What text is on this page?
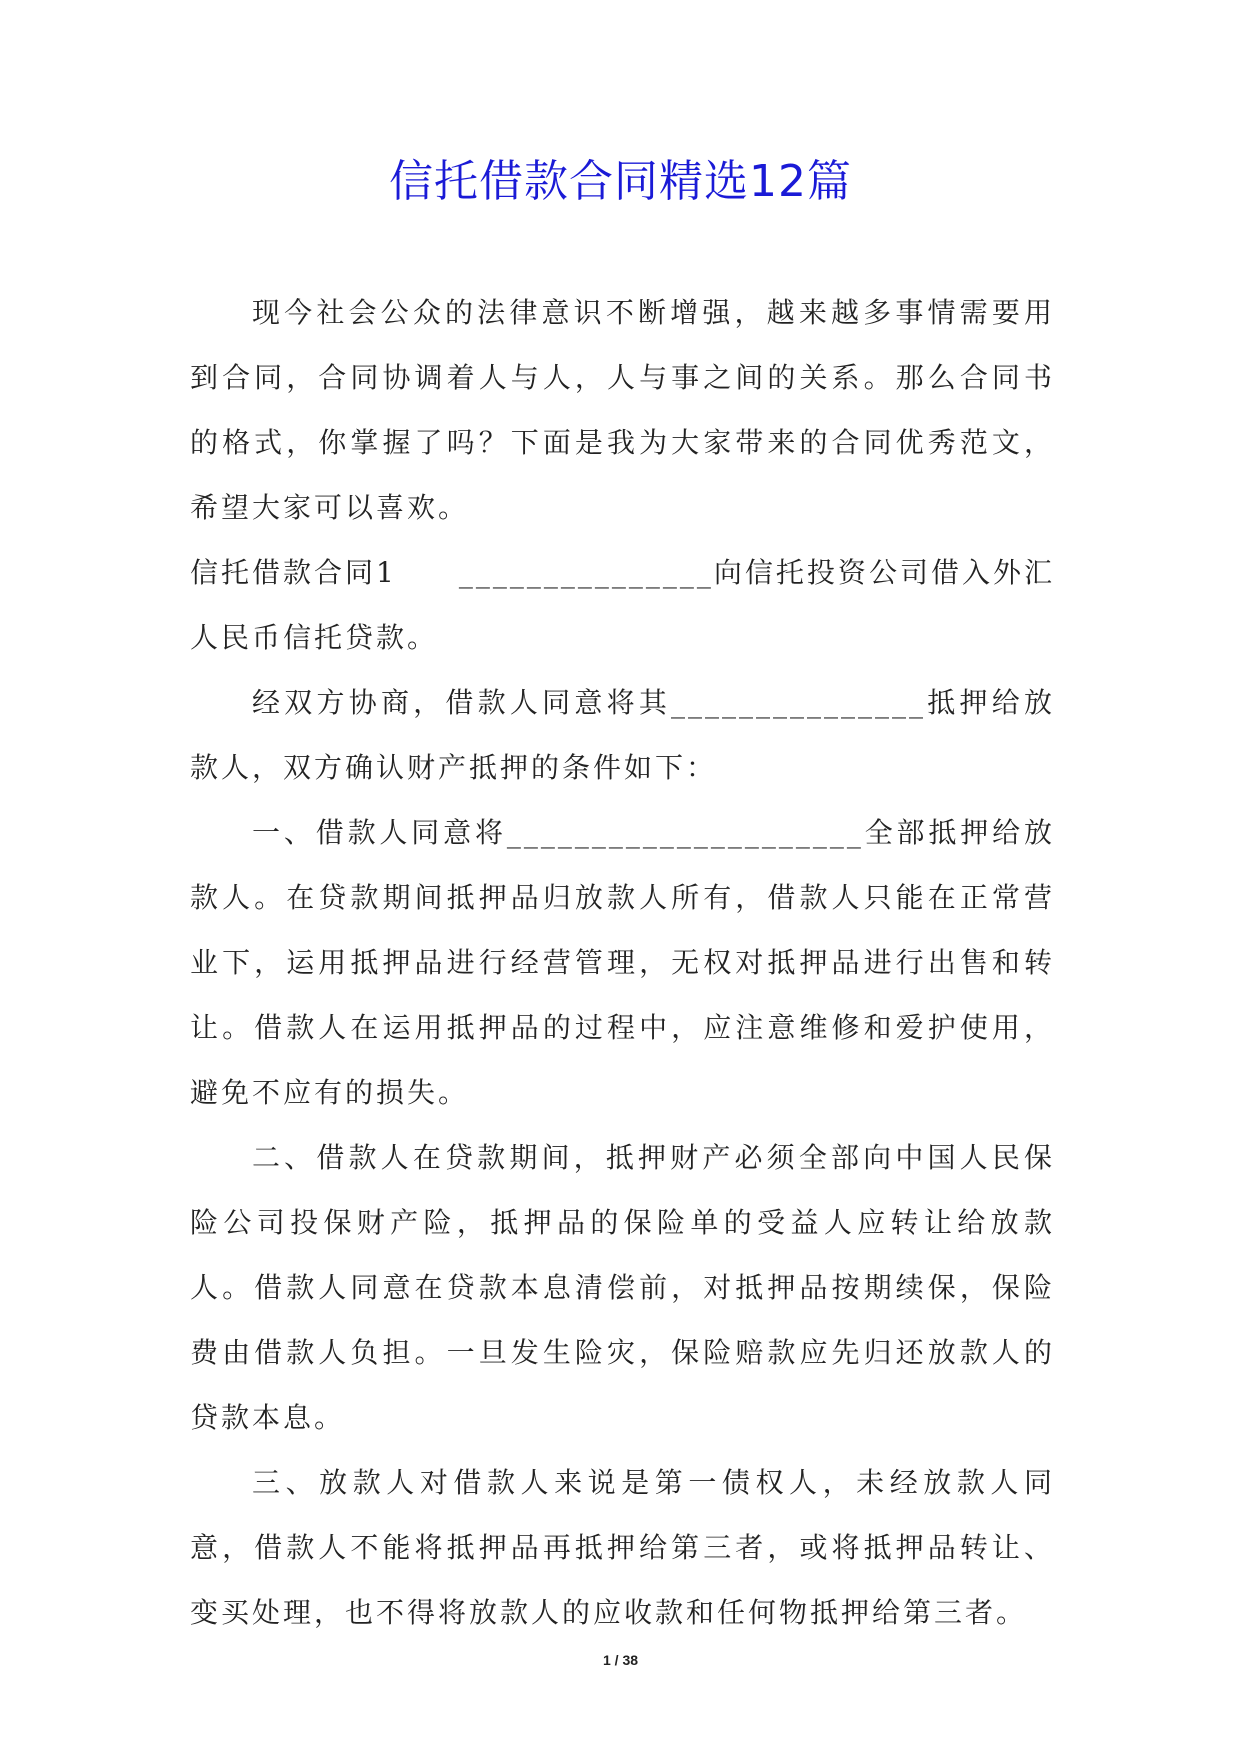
信托借款合同精选12篇

现今社会公众的法律意识不断增强，越来越多事情需要用到合同，合同协调着人与人，人与事之间的关系。那么合同书的格式，你掌握了吗？下面是我为大家带来的合同优秀范文，希望大家可以喜欢。

信托借款合同1　　_______________向信托投资公司借入外汇人民币信托贷款。

经双方协商，借款人同意将其_______________抵押给放款人，双方确认财产抵押的条件如下：

一、借款人同意将_____________________全部抵押给放款人。在贷款期间抵押品归放款人所有，借款人只能在正常营业下，运用抵押品进行经营管理，无权对抵押品进行出售和转让。借款人在运用抵押品的过程中，应注意维修和爱护使用，避免不应有的损失。

二、借款人在贷款期间，抵押财产必须全部向中国人民保险公司投保财产险，抵押品的保险单的受益人应转让给放款人。借款人同意在贷款本息清偿前，对抵押品按期续保，保险费由借款人负担。一旦发生险灾，保险赔款应先归还放款人的贷款本息。

三、放款人对借款人来说是第一债权人，未经放款人同意，借款人不能将抵押品再抵押给第三者，或将抵押品转让、变买处理，也不得将放款人的应收款和任何物抵押给第三者。

1 / 38
